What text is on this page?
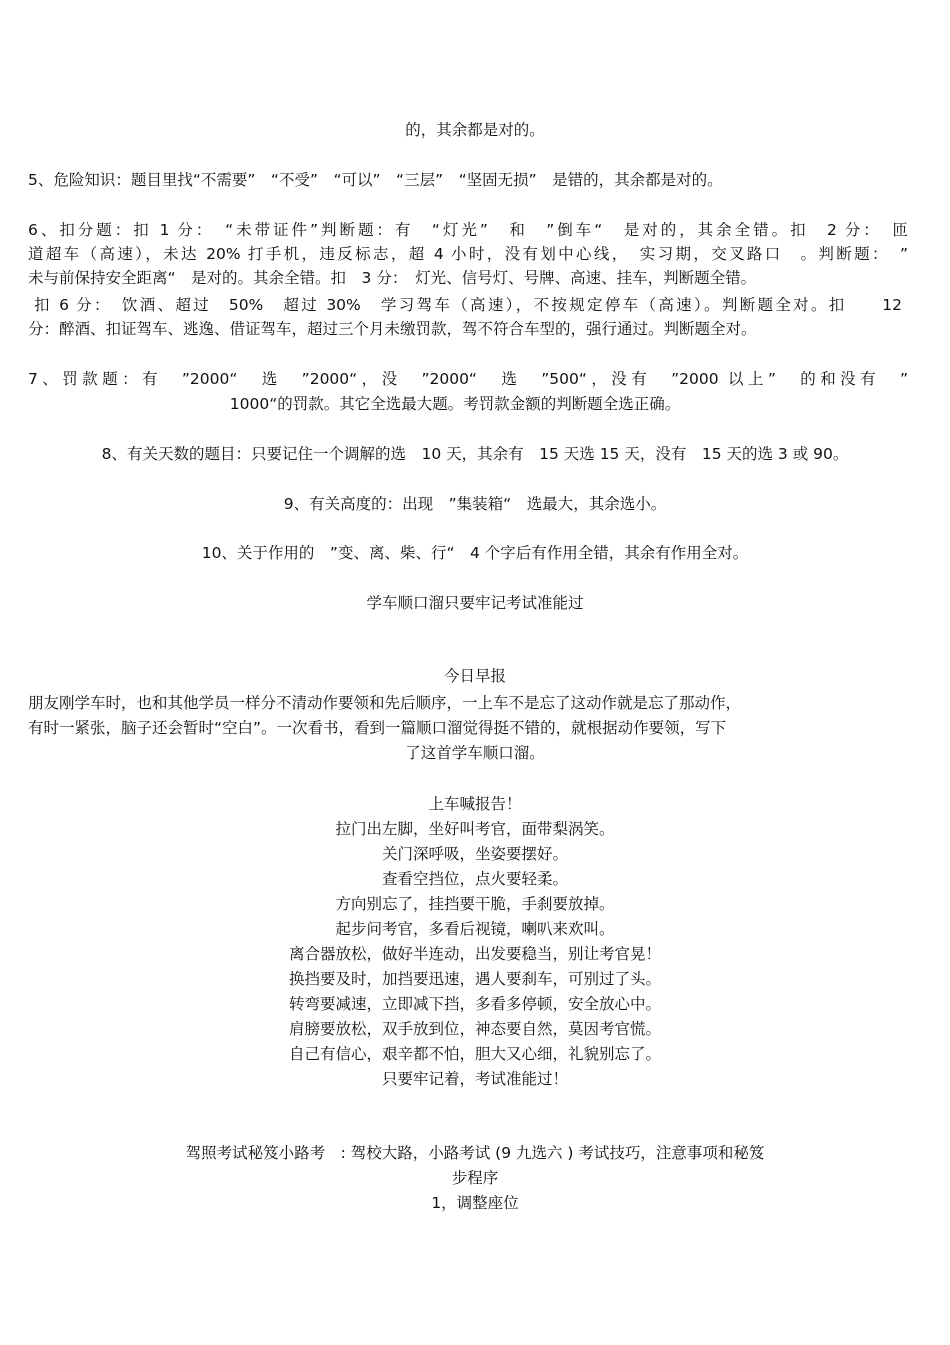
的，其余都是对的。
5、危险知识：题目里找“不需要”　“不受”　“可以”　“三层”　“坚固无损”　是错的，其余都是对的。
6、扣分题：扣 1 分：　“未带证件”判断题：有　“灯光”　和　”倒车“　是对的，其余全错。扣　2 分：　匝
道超车（高速），未达 20% 打手机，违反标志，超 4 小时，没有划中心线，　实习期，交叉路口　。判断题：　”
未与前保持安全距离“　是对的。其余全错。扣　3 分：　灯光、信号灯、号牌、高速、挂车，判断题全错。
扣 6 分：　饮酒、超过　50%　超过 30%　学习驾车（高速），不按规定停车（高速）。判断题全对。扣　　12
分：醉酒、扣证驾车、逃逸、借证驾车，超过三个月未缴罚款，驾不符合车型的，强行通过。判断题全对。
7、罚款题：有　”2000“　选　”2000“，没　”2000“　选　”500“，没有　”2000 以上”　的和没有　”
1000“的罚款。其它全选最大题。考罚款金额的判断题全选正确。
8、有关天数的题目：只要记住一个调解的选　10 天，其余有　15 天选 15 天，没有　15 天的选 3 或 90。
9、有关高度的：出现　”集装箱“　选最大，其余选小。
10、关于作用的　”变、离、柴、行“　4 个字后有作用全错，其余有作用全对。
学车顺口溜只要牢记考试准能过
今日早报
朋友刚学车时，也和其他学员一样分不清动作要领和先后顺序，一上车不是忘了这动作就是忘了那动作，
有时一紧张，脑子还会暂时“空白”。一次看书，看到一篇顺口溜觉得挺不错的，就根据动作要领，写下
了这首学车顺口溜。
上车喊报告！
拉门出左脚，坐好叫考官，面带梨涡笑。
关门深呼吸，坐姿要摆好。
查看空挡位，点火要轻柔。
方向别忘了，挂挡要干脆，手刹要放掉。
起步问考官，多看后视镜，喇叭来欢叫。
离合器放松，做好半连动，出发要稳当，别让考官晃！
换挡要及时，加挡要迅速，遇人要刹车，可别过了头。
转弯要减速，立即减下挡，多看多停顿，安全放心中。
肩膀要放松，双手放到位，神态要自然，莫因考官慌。
自己有信心，艰辛都不怕，胆大又心细，礼貌别忘了。
只要牢记着，考试准能过！
驾照考试秘笈小路考　: 驾校大路，小路考试 (9 九选六 ) 考试技巧，注意事项和秘笈
步程序
1，调整座位
